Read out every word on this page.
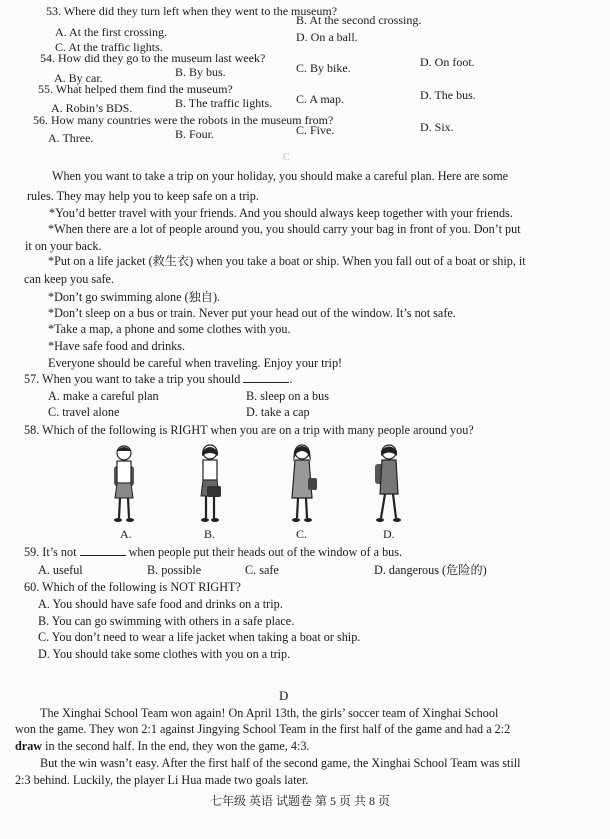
53. Where did they turn left when they went to the museum?
B. At the second crossing.
A. At the first crossing.	D. On a ball.
C. At the traffic lights.
54. How did they go to the museum last week?	D. On foot.
C. By bike.
B. By bus.
A. By car.
55. What helped them find the museum?	D. The bus.
C. A map.
B. The traffic lights.
A. Robin’s BDS.
56. How many countries were the robots in the museum from?	D. Six.
C. Five.
B. Four.
A. Three.
C
When you want to take a trip on your holiday, you should make a careful plan. Here are some
rules. They may help you to keep safe on a trip.
*You’d better travel with your friends. And you should always keep together with your friends.
*When there are a lot of people around you, you should carry your bag in front of you. Don’t put
it on your back.
*Put on a life jacket (救生衣) when you take a boat or ship. When you fall out of a boat or ship, it
can keep you safe.
*Don’t go swimming alone (独自).
*Don’t sleep on a bus or train. Never put your head out of the window. It’s not safe.
*Take a map, a phone and some clothes with you.
*Have safe food and drinks.
Everyone should be careful when traveling. Enjoy your trip!
57. When you want to take a trip you should	.
A. make a careful plan	B. sleep on a bus
C. travel alone	D. take a cap
58. Which of the following is RIGHT when you are on a trip with many people around you?
A.	B.	C.	D.
59. It’s not	when people put their heads out of the window of a bus.
A. useful	B. possible	C. safe	D. dangerous (危险的)
60. Which of the following is NOT RIGHT?
A. You should have safe food and drinks on a trip.
B. You can go swimming with others in a safe place.
C. You don’t need to wear a life jacket when taking a boat or ship.
D. You should take some clothes with you on a trip.
D
The Xinghai School Team won again! On April 13th, the girls’ soccer team of Xinghai School
won the game. They won 2:1 against Jingying School Team in the first half of the game and had a 2:2
draw in the second half. In the end, they won the game, 4:3.
But the win wasn’t easy. After the first half of the second game, the Xinghai School Team was still
2:3 behind. Luckily, the player Li Hua made two goals later.
七年级 英语 试题卷 第 5 页 共 8 页
